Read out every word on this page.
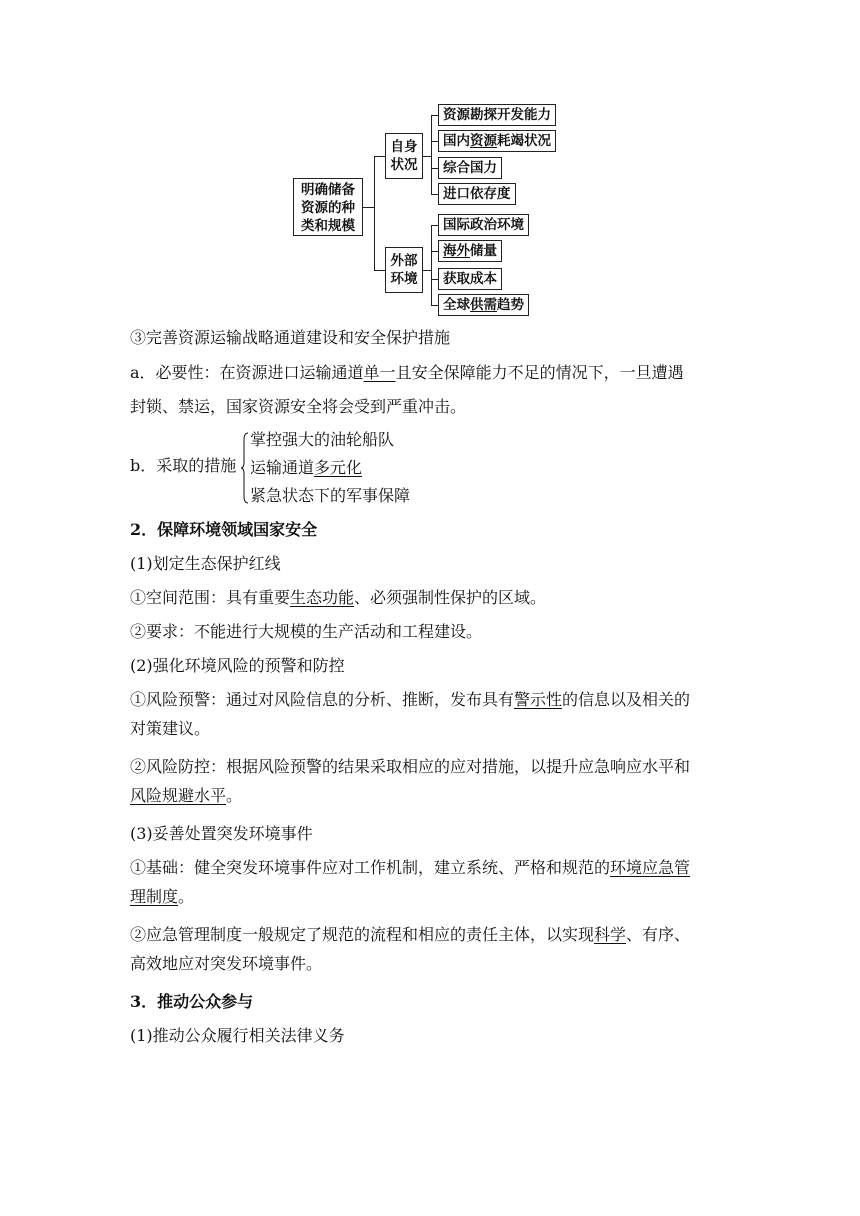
明确储备
资源的种
类和规模
自身
状况
资源勘探开发能力
国内资源耗竭状况
综合国力
进口依存度
外部
环境
国际政治环境
海外储量
获取成本
全球供需趋势
③完善资源运输战略通道建设和安全保护措施
a．必要性：在资源进口运输通道单一且安全保障能力不足的情况下，一旦遭遇
封锁、禁运，国家资源安全将会受到严重冲击。
b．采取的措施
掌控强大的油轮船队
运输通道多元化
紧急状态下的军事保障
2．保障环境领域国家安全
(1)划定生态保护红线
①空间范围：具有重要生态功能、必须强制性保护的区域。
②要求：不能进行大规模的生产活动和工程建设。
(2)强化环境风险的预警和防控
①风险预警：通过对风险信息的分析、推断，发布具有警示性的信息以及相关的
对策建议。
②风险防控：根据风险预警的结果采取相应的应对措施，以提升应急响应水平和
风险规避水平。
(3)妥善处置突发环境事件
①基础：健全突发环境事件应对工作机制，建立系统、严格和规范的环境应急管
理制度。
②应急管理制度一般规定了规范的流程和相应的责任主体，以实现科学、有序、
高效地应对突发环境事件。
3．推动公众参与
(1)推动公众履行相关法律义务
